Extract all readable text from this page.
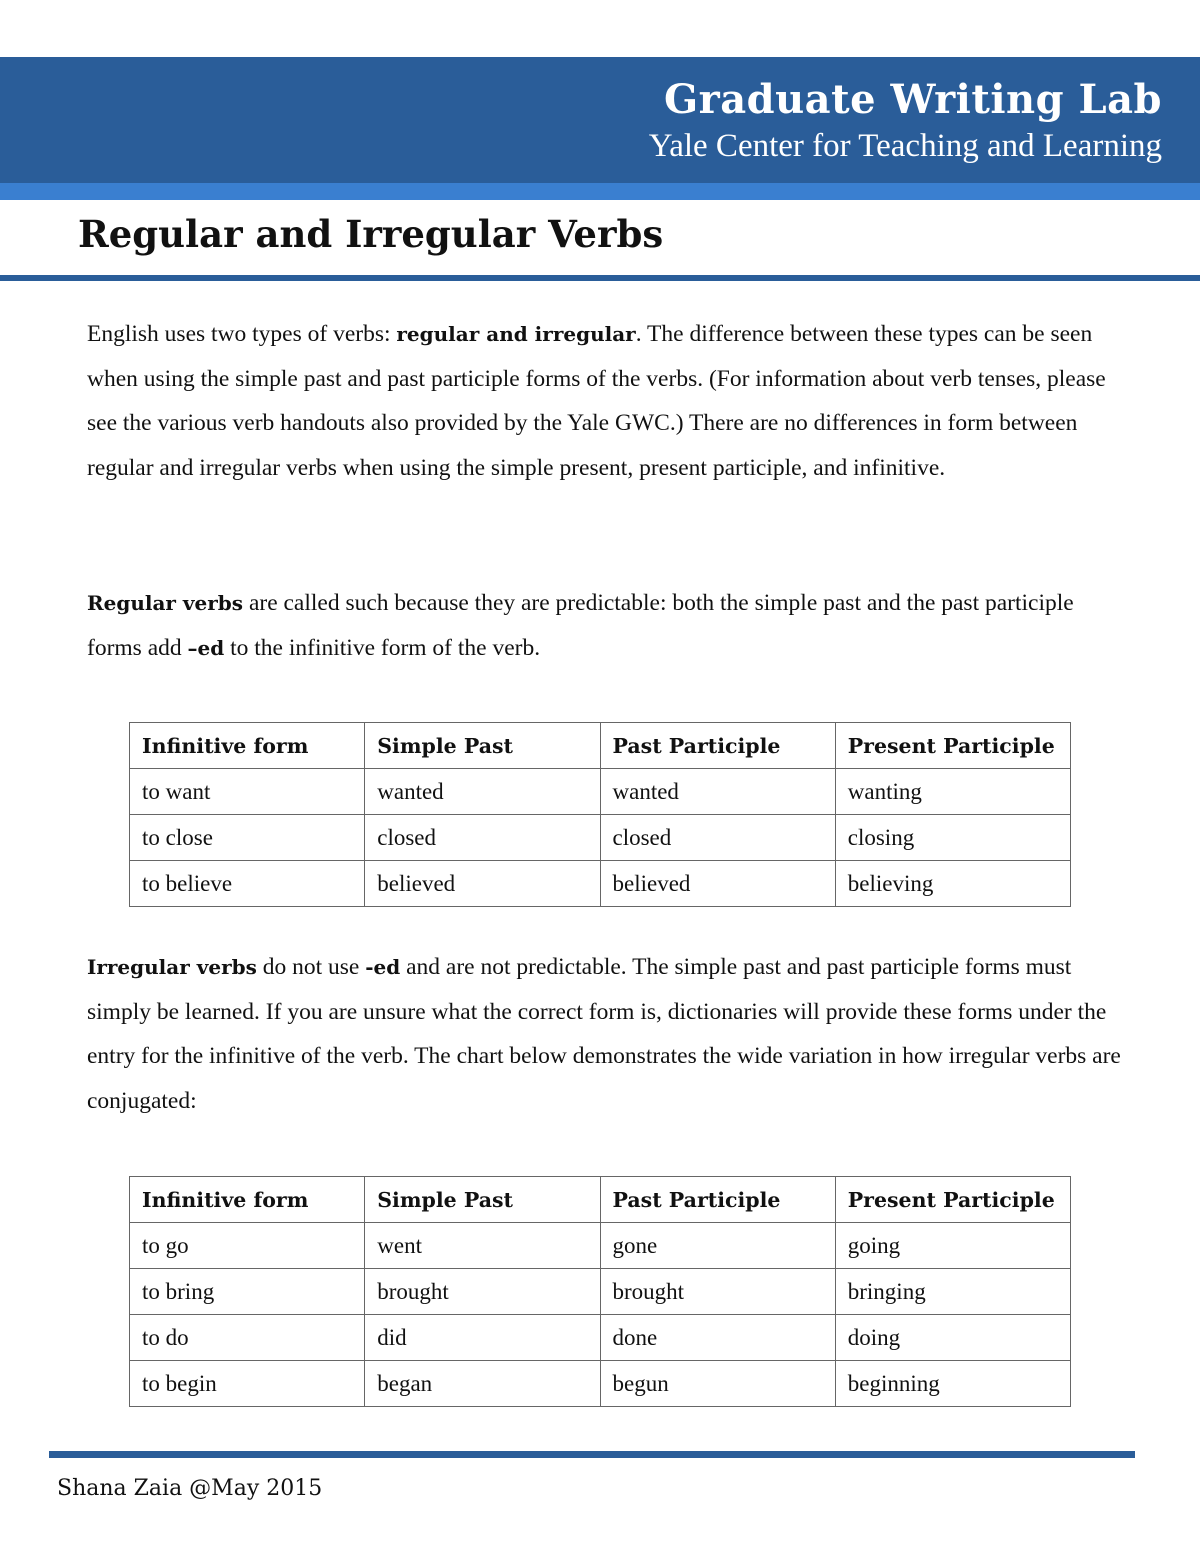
Graduate Writing Lab
Yale Center for Teaching and Learning
Regular and Irregular Verbs

English uses two types of verbs: regular and irregular. The difference between these types can be seen when using the simple past and past participle forms of the verbs. (For information about verb tenses, please see the various verb handouts also provided by the Yale GWC.) There are no differences in form between regular and irregular verbs when using the simple present, present participle, and infinitive.

Regular verbs are called such because they are predictable: both the simple past and the past participle forms add –ed to the infinitive form of the verb.

Infinitive form	Simple Past	Past Participle	Present Participle
to want	wanted	wanted	wanting
to close	closed	closed	closing
to believe	believed	believed	believing

Irregular verbs do not use -ed and are not predictable. The simple past and past participle forms must simply be learned. If you are unsure what the correct form is, dictionaries will provide these forms under the entry for the infinitive of the verb. The chart below demonstrates the wide variation in how irregular verbs are conjugated:

Infinitive form	Simple Past	Past Participle	Present Participle
to go	went	gone	going
to bring	brought	brought	bringing
to do	did	done	doing
to begin	began	begun	beginning
Shana Zaia @May 2015
